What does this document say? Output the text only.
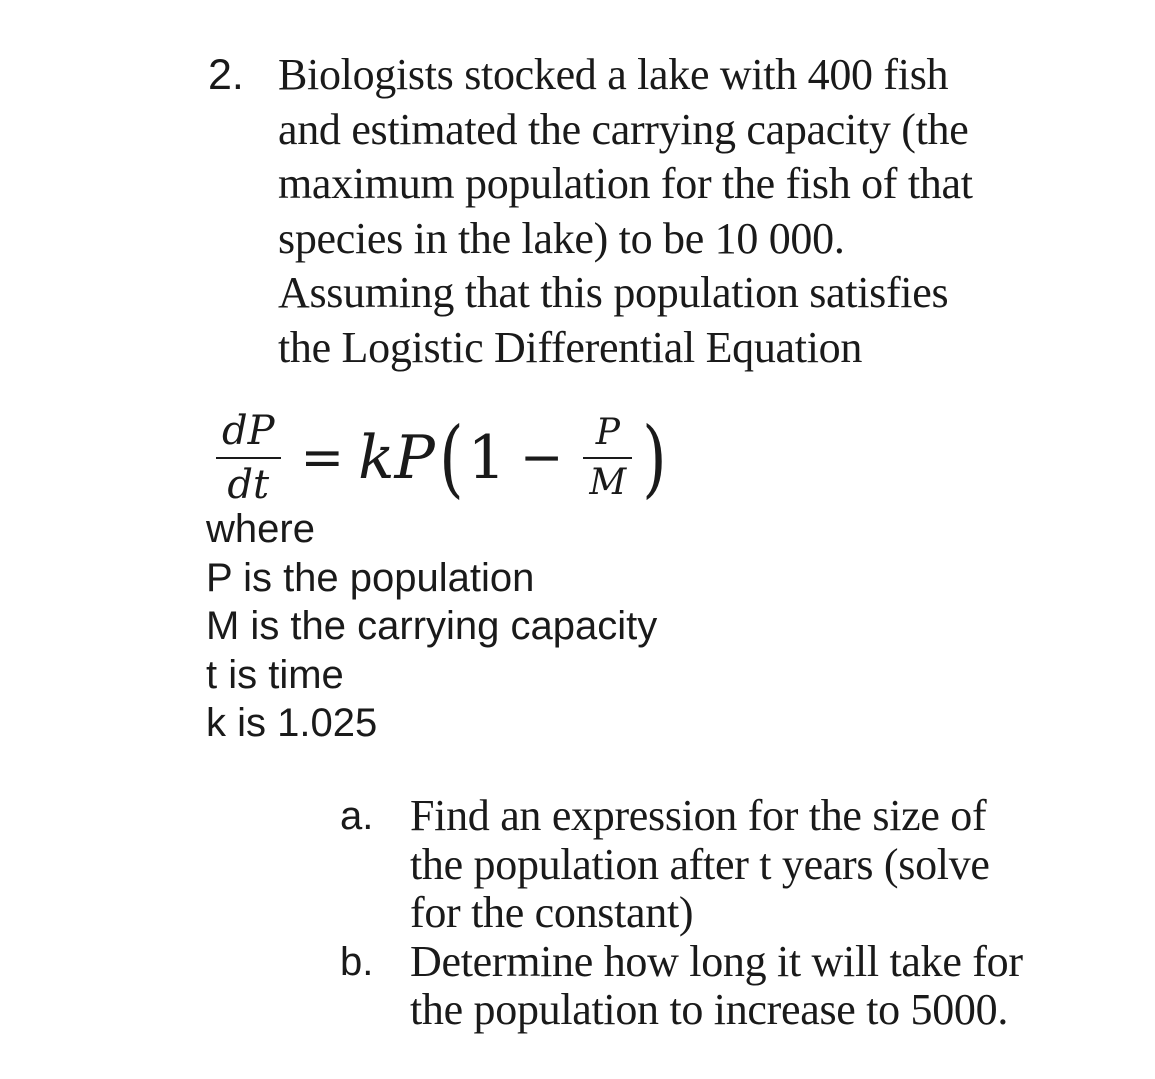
2. Biologists stocked a lake with 400 fish
and estimated the carrying capacity (the
maximum population for the fish of that
species in the lake) to be 10 000.
Assuming that this population satisfies
the Logistic Differential Equation
$\frac{dP}{dt} = k$ P ( $1 - \frac{P}{M}$ )
where
P is the population
M is the carrying capacity
t is time
k is 1.025
a. Find an expression for the size of
the population after t years (solve
for the constant)
b. Determine how long it will take for
the population to increase to 5000.
